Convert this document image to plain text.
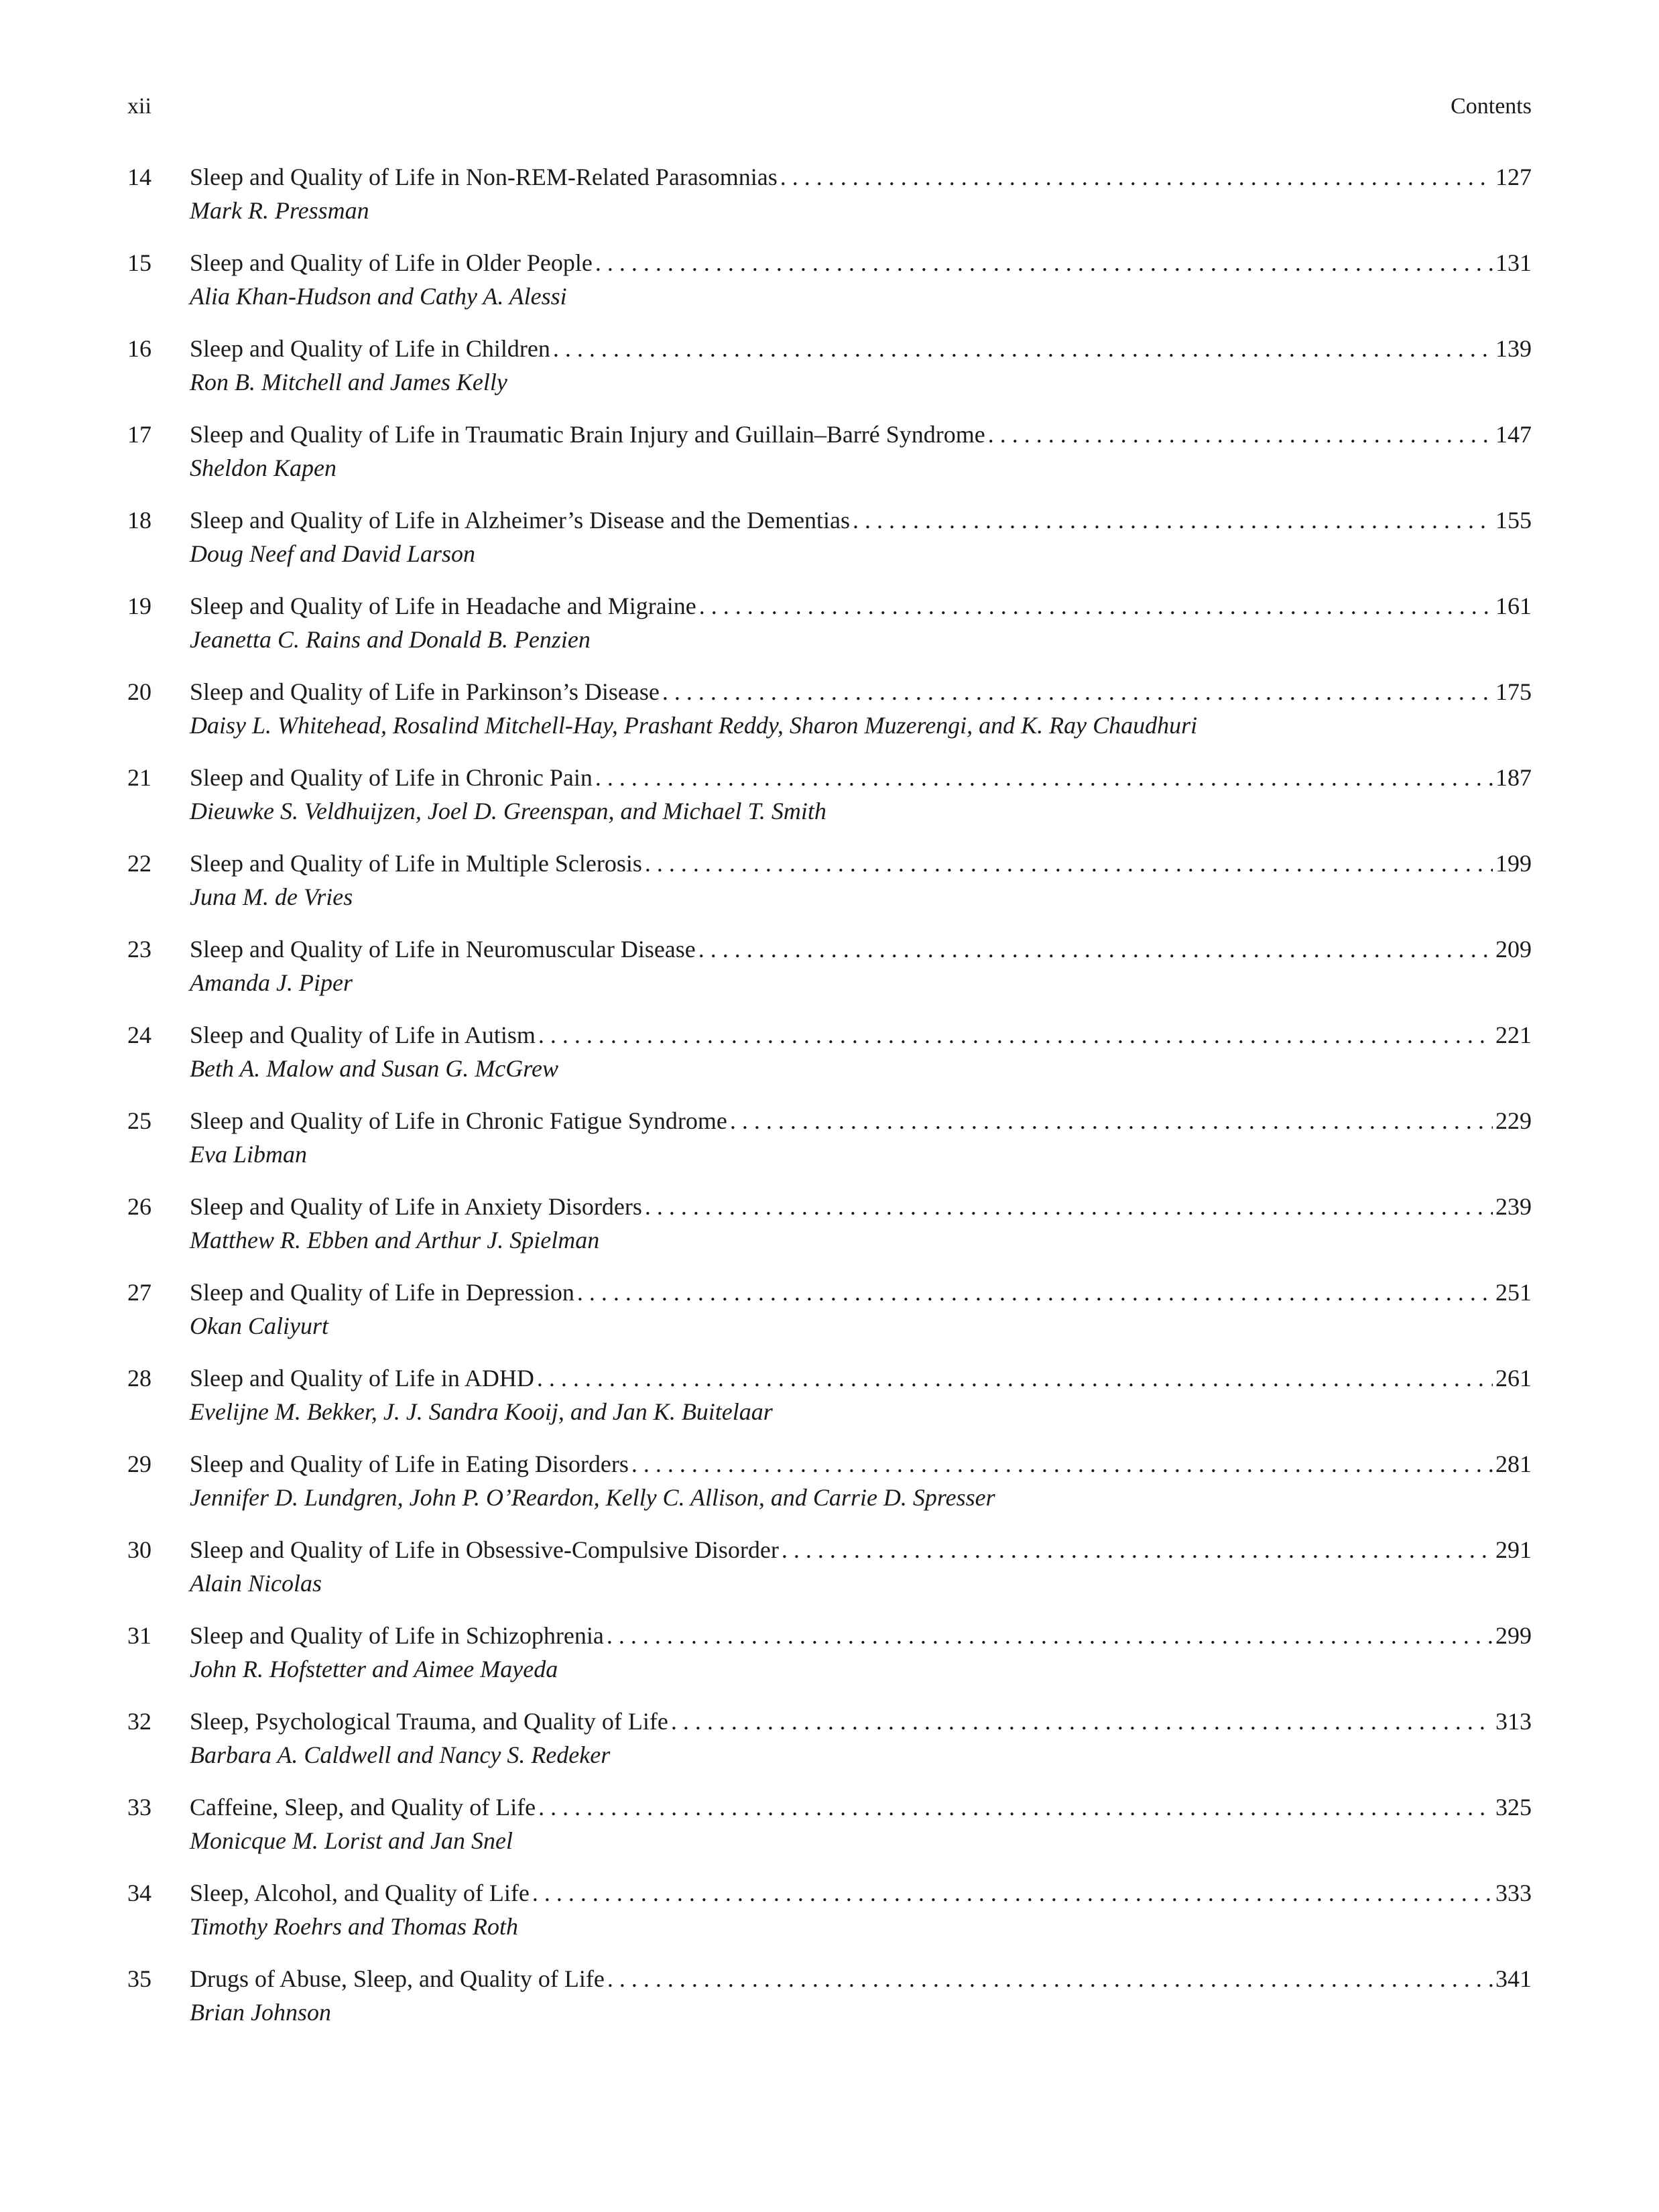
xii	Contents
14 Sleep and Quality of Life in Non-REM-Related Parasomnias . . .	127
Mark R. Pressman
15 Sleep and Quality of Life in Older People . . .	131
Alia Khan-Hudson and Cathy A. Alessi
16 Sleep and Quality of Life in Children . . .	139
Ron B. Mitchell and James Kelly
17 Sleep and Quality of Life in Traumatic Brain Injury and Guillain–Barré Syndrome . . .	147
Sheldon Kapen
18 Sleep and Quality of Life in Alzheimer’s Disease and the Dementias . . .	155
Doug Neef and David Larson
19 Sleep and Quality of Life in Headache and Migraine . . .	161
Jeanetta C. Rains and Donald B. Penzien
20 Sleep and Quality of Life in Parkinson’s Disease . . .	175
Daisy L. Whitehead, Rosalind Mitchell-Hay, Prashant Reddy, Sharon Muzerengi, and K. Ray Chaudhuri
21 Sleep and Quality of Life in Chronic Pain . . .	187
Dieuwke S. Veldhuijzen, Joel D. Greenspan, and Michael T. Smith
22 Sleep and Quality of Life in Multiple Sclerosis . . .	199
Juna M. de Vries
23 Sleep and Quality of Life in Neuromuscular Disease . . .	209
Amanda J. Piper
24 Sleep and Quality of Life in Autism . . .	221
Beth A. Malow and Susan G. McGrew
25 Sleep and Quality of Life in Chronic Fatigue Syndrome . . .	229
Eva Libman
26 Sleep and Quality of Life in Anxiety Disorders . . .	239
Matthew R. Ebben and Arthur J. Spielman
27 Sleep and Quality of Life in Depression . . .	251
Okan Caliyurt
28 Sleep and Quality of Life in ADHD . . .	261
Evelijne M. Bekker, J. J. Sandra Kooij, and Jan K. Buitelaar
29 Sleep and Quality of Life in Eating Disorders . . .	281
Jennifer D. Lundgren, John P. O’Reardon, Kelly C. Allison, and Carrie D. Spresser
30 Sleep and Quality of Life in Obsessive-Compulsive Disorder . . .	291
Alain Nicolas
31 Sleep and Quality of Life in Schizophrenia . . .	299
John R. Hofstetter and Aimee Mayeda
32 Sleep, Psychological Trauma, and Quality of Life . . .	313
Barbara A. Caldwell and Nancy S. Redeker
33 Caffeine, Sleep, and Quality of Life . . .	325
Monicque M. Lorist and Jan Snel
34 Sleep, Alcohol, and Quality of Life . . .	333
Timothy Roehrs and Thomas Roth
35 Drugs of Abuse, Sleep, and Quality of Life . . .	341
Brian Johnson
